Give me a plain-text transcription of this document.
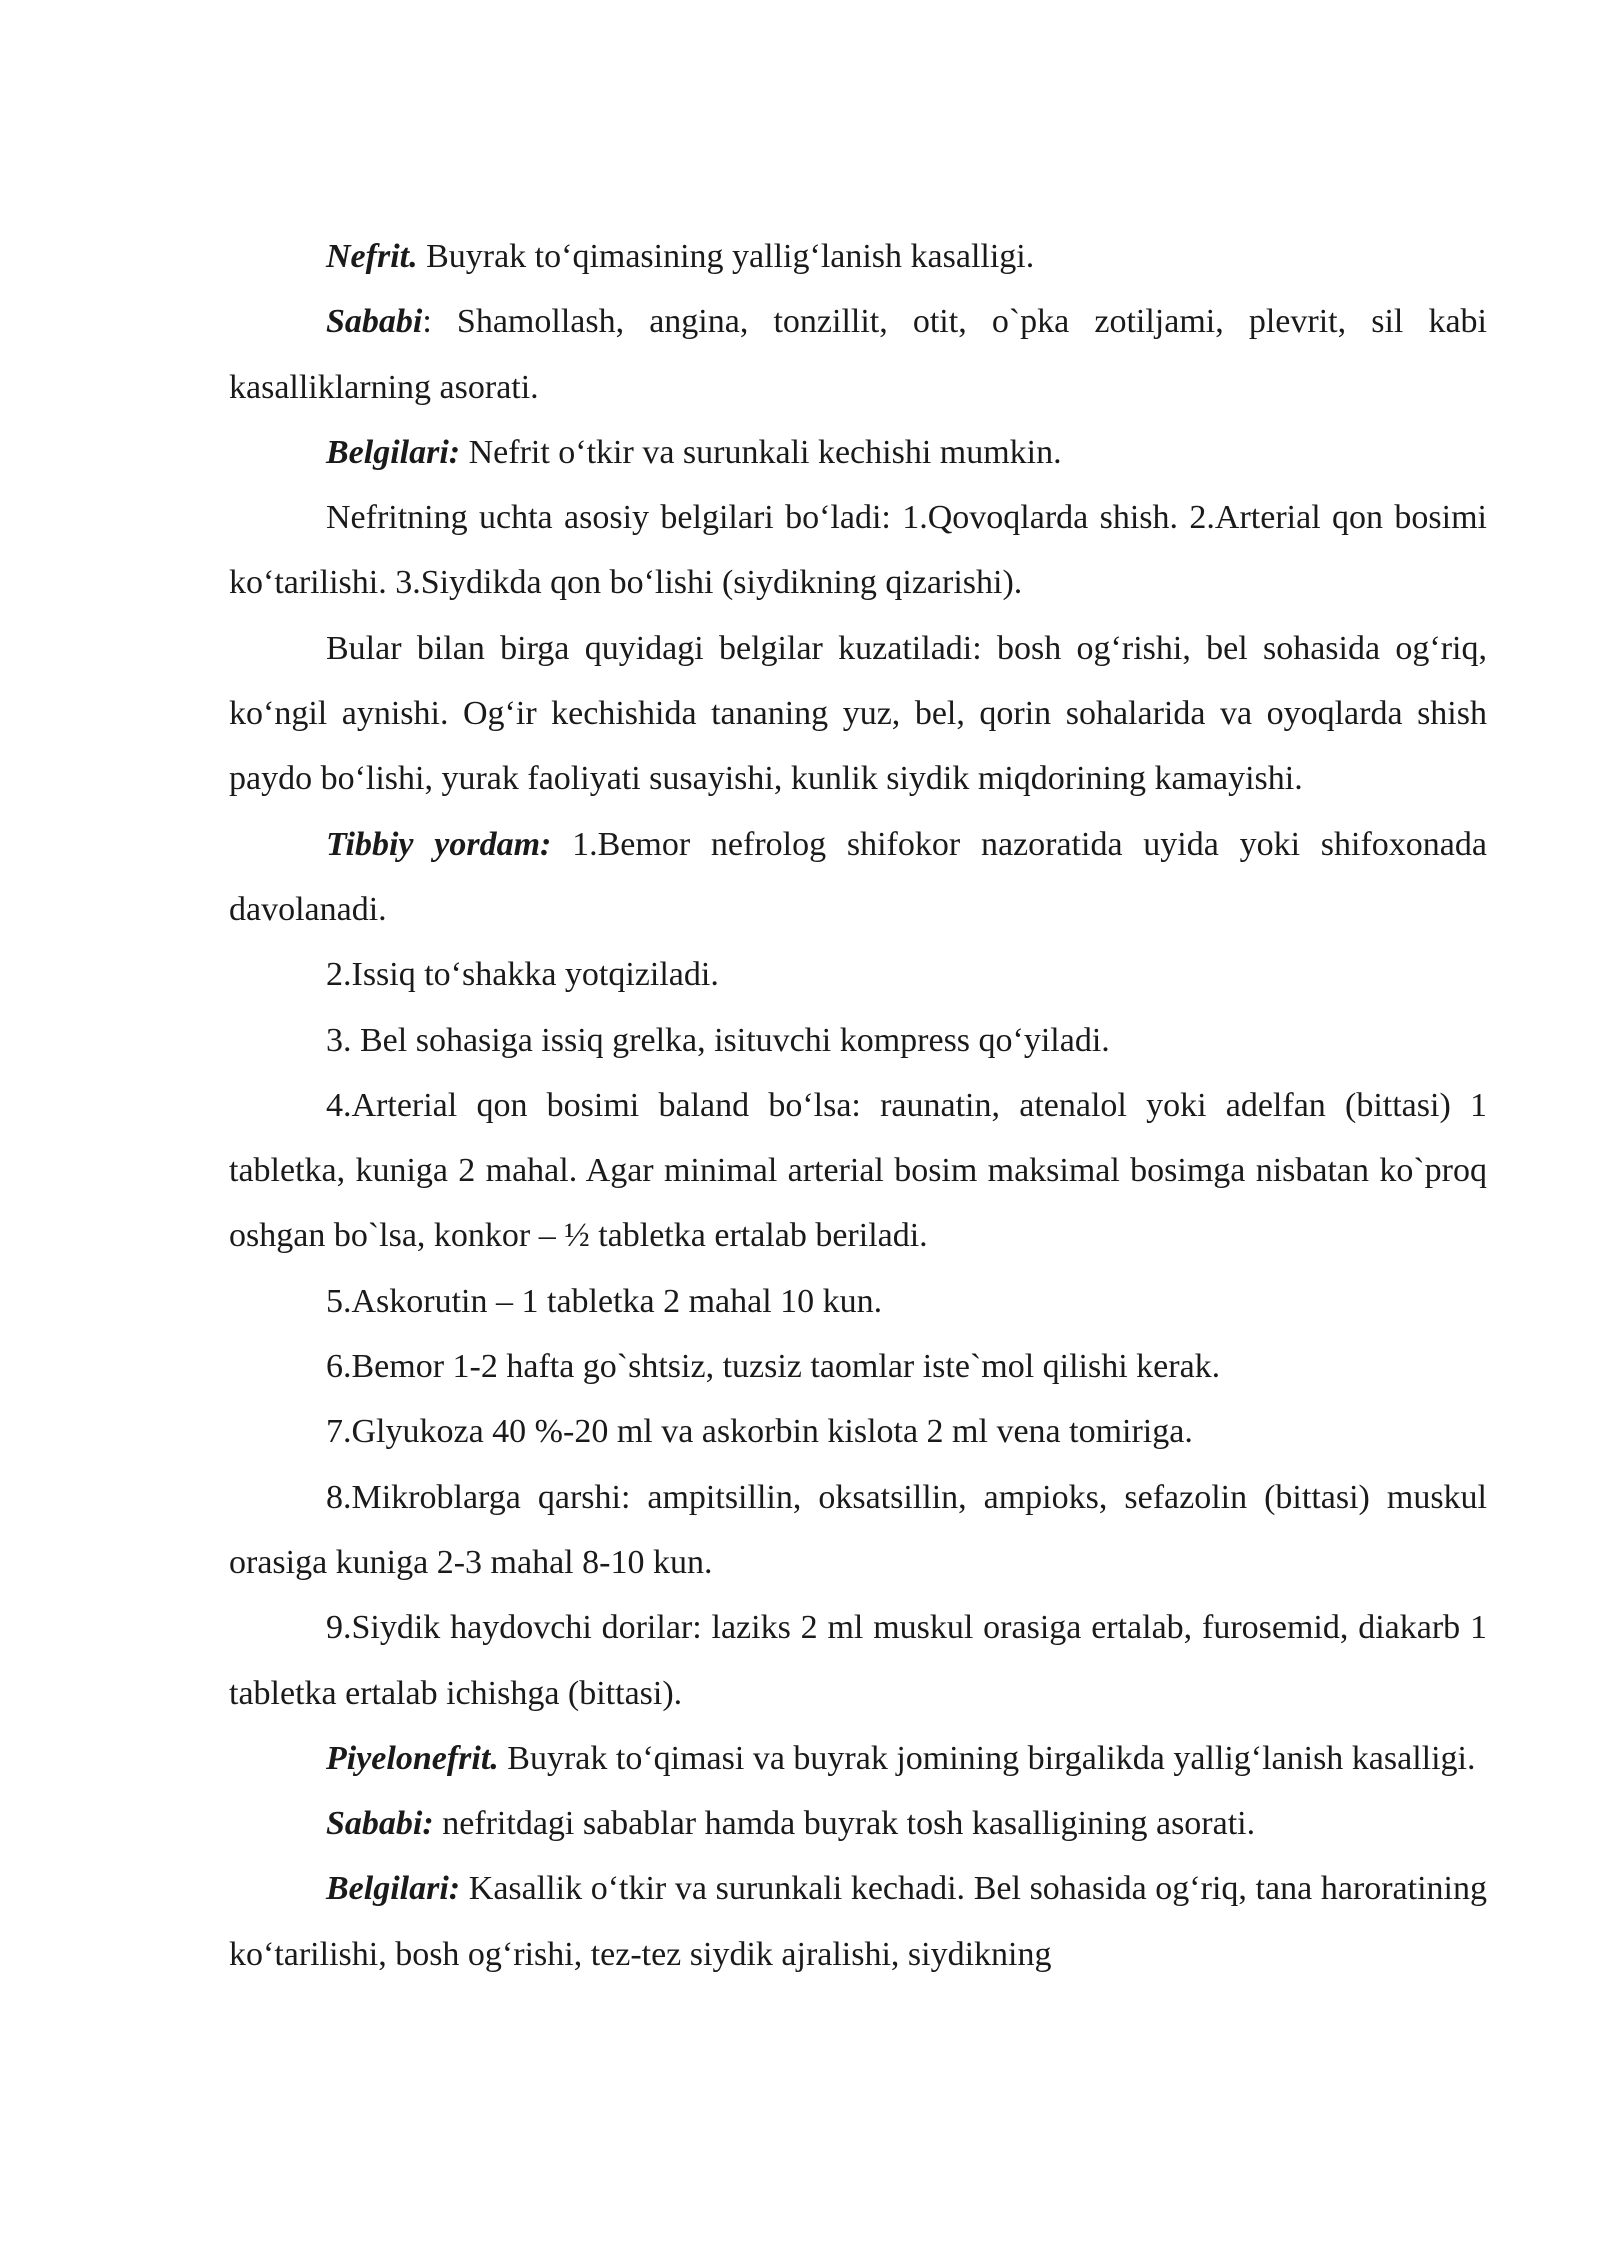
Nefrit. Buyrak to‘qimasining yallig‘lanish kasalligi.

Sababi: Shamollash, angina, tonzillit, otit, o`pka zotiljami, plevrit, sil kabi kasalliklarning asorati.

Belgilari: Nefrit o‘tkir va surunkali kechishi mumkin.

Nefritning uchta asosiy belgilari bo‘ladi: 1.Qovoqlarda shish. 2.Arterial qon bosimi ko‘tarilishi. 3.Siydikda qon bo‘lishi (siydikning qizarishi).

Bular bilan birga quyidagi belgilar kuzatiladi: bosh og‘rishi, bel sohasida og‘riq, ko‘ngil aynishi. Og‘ir kechishida tananing yuz, bel, qorin sohalarida va oyoqlarda shish paydo bo‘lishi, yurak faoliyati susayishi, kunlik siydik miqdorining kamayishi.

Tibbiy yordam: 1.Bemor nefrolog shifokor nazoratida uyida yoki shifoxonada davolanadi.

2.Issiq to‘shakka yotqiziladi.

3. Bel sohasiga issiq grelka, isituvchi kompress qo‘yiladi.

4.Arterial qon bosimi baland bo‘lsa: raunatin, atenalol yoki adelfan (bittasi) 1 tabletka, kuniga 2 mahal. Agar minimal arterial bosim maksimal bosimga nisbatan ko`proq oshgan bo`lsa, konkor – ½ tabletka ertalab beriladi.

5.Askorutin – 1 tabletka 2 mahal 10 kun.

6.Bemor 1-2 hafta go`shtsiz, tuzsiz taomlar iste`mol qilishi kerak.

7.Glyukoza 40 %-20 ml va askorbin kislota 2 ml vena tomiriga.

8.Mikroblarga qarshi: ampitsillin, oksatsillin, ampioks, sefazolin (bittasi) muskul orasiga kuniga 2-3 mahal 8-10 kun.

9.Siydik haydovchi dorilar: laziks 2 ml muskul orasiga ertalab, furosemid, diakarb 1 tabletka ertalab ichishga (bittasi).

Piyelonefrit. Buyrak to‘qimasi va buyrak jomining birgalikda yallig‘lanish kasalligi.

Sababi: nefritdagi sabablar hamda buyrak tosh kasalligining asorati.

Belgilari: Kasallik o‘tkir va surunkali kechadi. Bel sohasida og‘riq, tana haroratining ko‘tarilishi, bosh og‘rishi, tez-tez siydik ajralishi, siydikning
